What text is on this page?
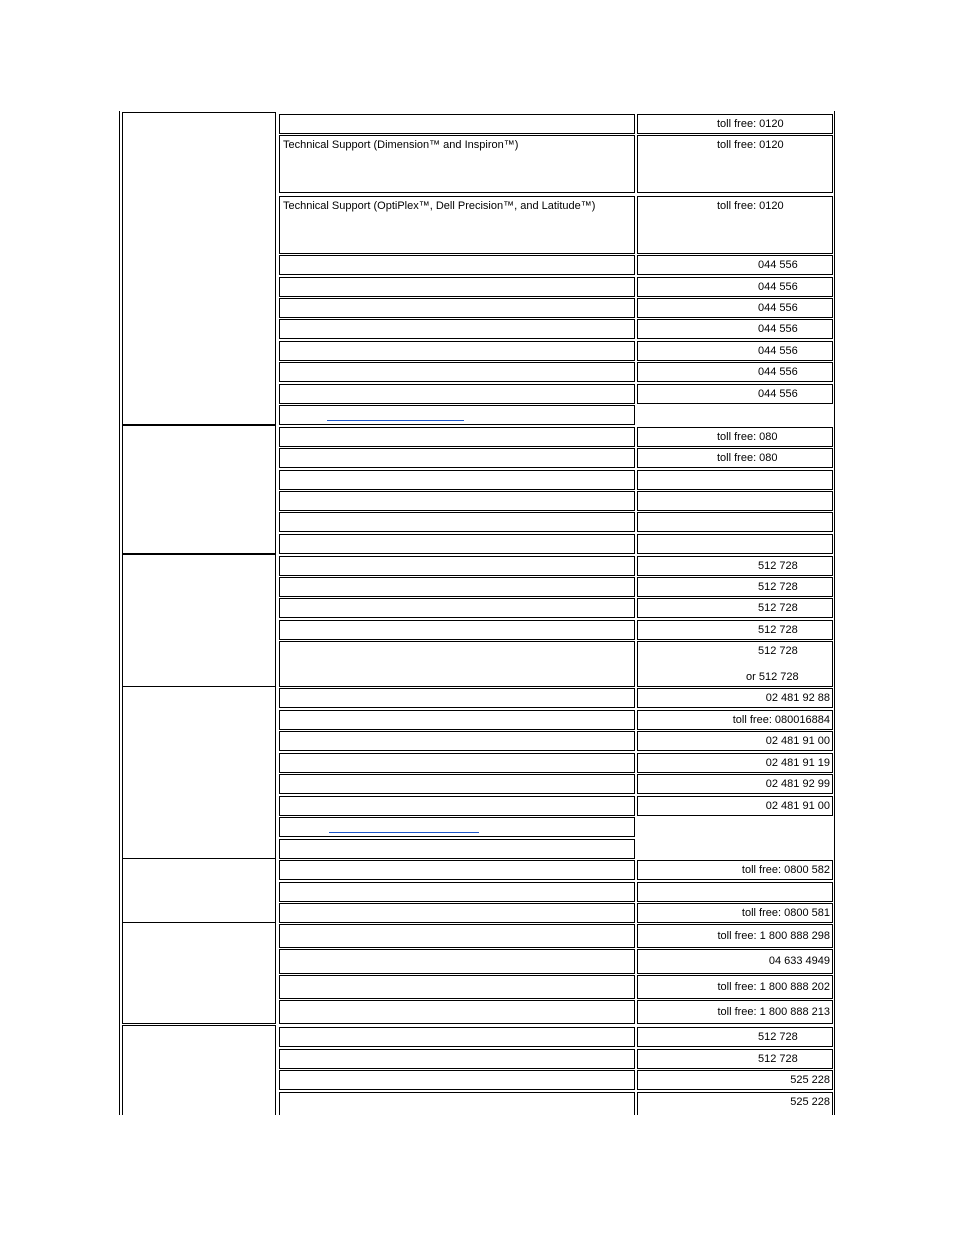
toll free: 0120
Technical Support (Dimension™ and Inspiron™)	toll free: 0120
Technical Support (OptiPlex™, Dell Precision™, and Latitude™)	toll free: 0120
044 556
044 556
044 556
044 556
044 556
044 556
044 556
toll free: 080
toll free: 080
512 728
512 728
512 728
512 728
512 728
or 512 728
02 481 92 88
toll free: 080016884
02 481 91 00
02 481 91 19
02 481 92 99
02 481 91 00
toll free: 0800 582
toll free: 0800 581
toll free: 1 800 888 298
04 633 4949
toll free: 1 800 888 202
toll free: 1 800 888 213
512 728
512 728
525 228
525 228
